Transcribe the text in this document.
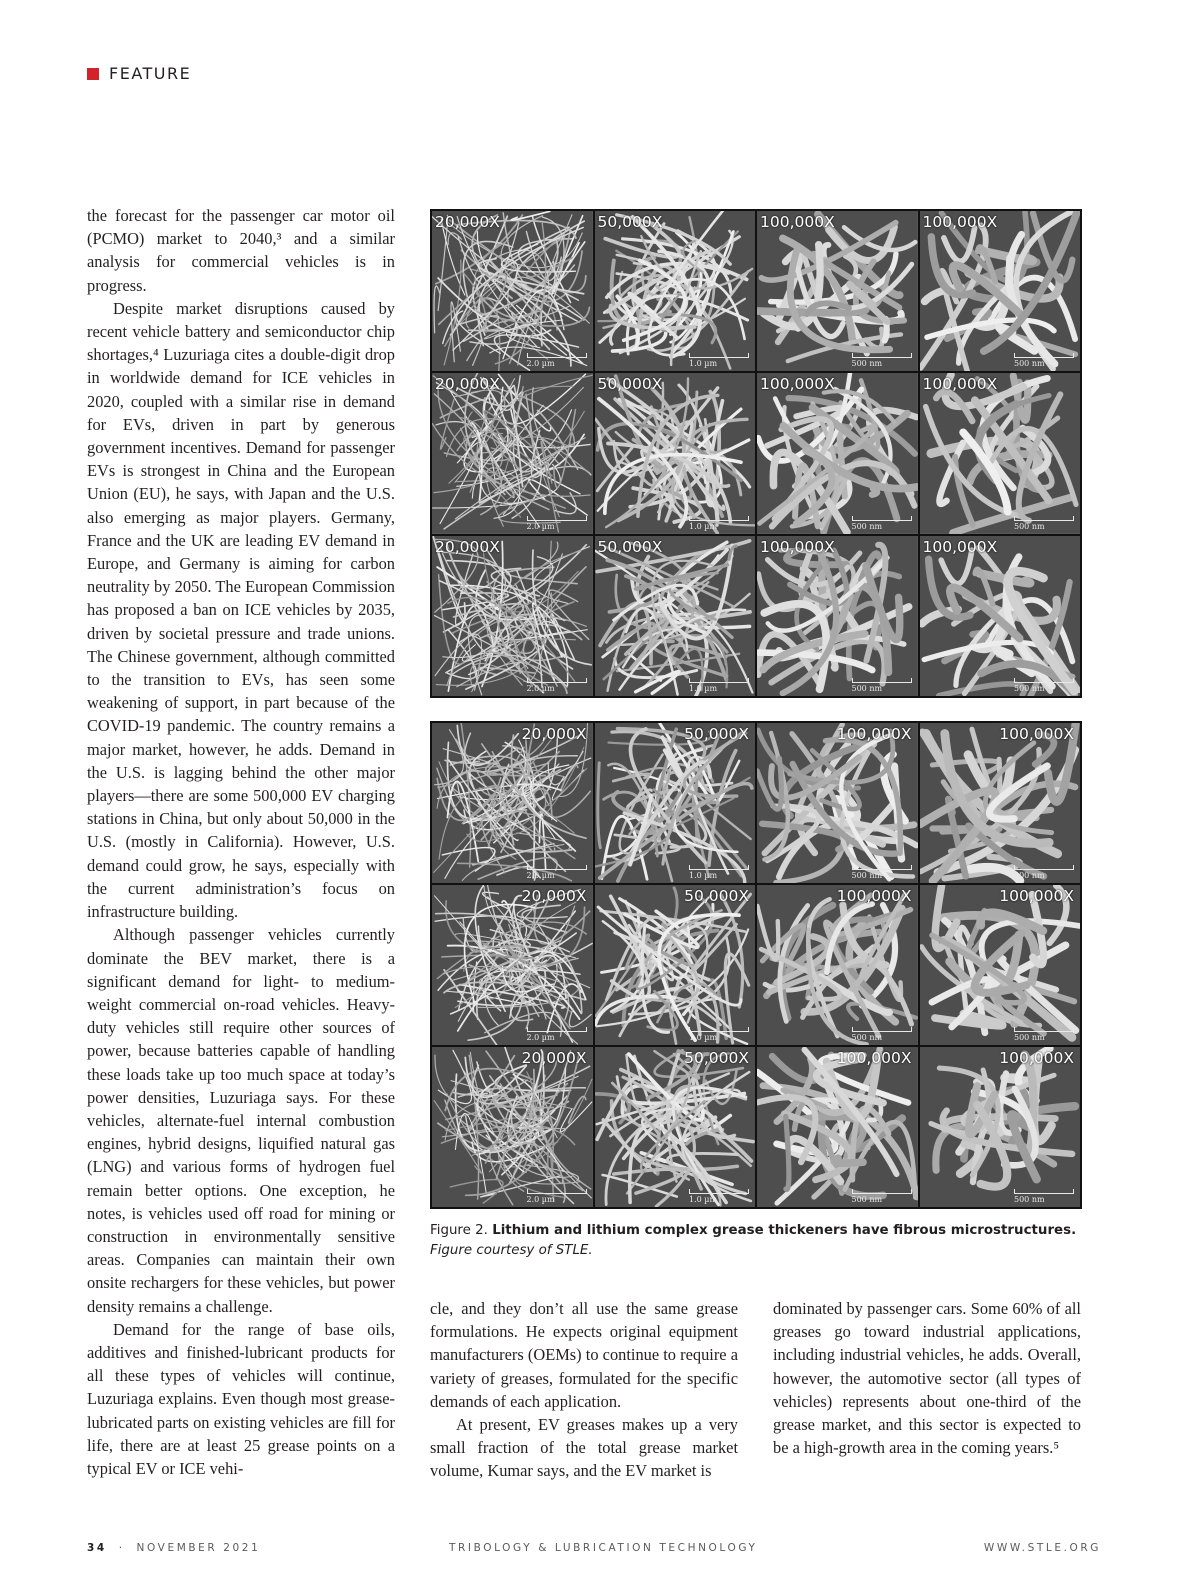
FEATURE

the forecast for the passenger car motor oil (PCMO) market to 2040,³ and a similar analysis for commercial vehicles is in progress.

Despite market disruptions caused by recent vehicle battery and semiconductor chip shortages,⁴ Luzuriaga cites a double-digit drop in worldwide demand for ICE vehicles in 2020, coupled with a similar rise in demand for EVs, driven in part by generous government incentives. Demand for passenger EVs is strongest in China and the European Union (EU), he says, with Japan and the U.S. also emerging as major players. Germany, France and the UK are leading EV demand in Europe, and Germany is aiming for carbon neutrality by 2050. The European Commission has proposed a ban on ICE vehicles by 2035, driven by societal pressure and trade unions. The Chinese government, although committed to the transition to EVs, has seen some weakening of support, in part because of the COVID-19 pandemic. The country remains a major market, however, he adds. Demand in the U.S. is lagging behind the other major players—there are some 500,000 EV charging stations in China, but only about 50,000 in the U.S. (mostly in California). However, U.S. demand could grow, he says, especially with the current administration’s focus on infrastructure building.

Although passenger vehicles currently dominate the BEV market, there is a significant demand for light- to medium-weight commercial on-road vehicles. Heavy-duty vehicles still require other sources of power, because batteries capable of handling these loads take up too much space at today’s power densities, Luzuriaga says. For these vehicles, alternate-fuel internal combustion engines, hybrid designs, liquified natural gas (LNG) and various forms of hydrogen fuel remain better options. One exception, he notes, is vehicles used off road for mining or construction in environmentally sensitive areas. Companies can maintain their own onsite rechargers for these vehicles, but power density remains a challenge.

Demand for the range of base oils, additives and finished-lubricant products for all these types of vehicles will continue, Luzuriaga explains. Even though most grease-lubricated parts on existing vehicles are fill for life, there are at least 25 grease points on a typical EV or ICE vehi-

20,000X
2.0 µm
50,000X
1.0 µm
100,000X
500 nm
100,000X
500 nm
20,000X
2.0 µm
50,000X
1.0 µm
100,000X
500 nm
100,000X
500 nm
20,000X
2.0 µm
50,000X
1.0 µm
100,000X
500 nm
100,000X
500 nm
20,000X
2.0 µm
50,000X
1.0 µm
100,000X
500 nm
100,000X
500 nm
20,000X
2.0 µm
50,000X
1.0 µm
100,000X
500 nm
100,000X
500 nm
20,000X
2.0 µm
50,000X
1.0 µm
100,000X
500 nm
100,000X
500 nm
Figure 2. Lithium and lithium complex grease thickeners have fibrous microstructures. Figure courtesy of STLE.

cle, and they don’t all use the same grease formulations. He expects original equipment manufacturers (OEMs) to continue to require a variety of greases, formulated for the specific demands of each application.

At present, EV greases makes up a very small fraction of the total grease market volume, Kumar says, and the EV market is

dominated by passenger cars. Some 60% of all greases go toward industrial applications, including industrial vehicles, he adds. Overall, however, the automotive sector (all types of vehicles) represents about one-third of the grease market, and this sector is expected to be a high-growth area in the coming years.⁵

34 · NOVEMBER 2021	TRIBOLOGY & LUBRICATION TECHNOLOGY	WWW.STLE.ORG
